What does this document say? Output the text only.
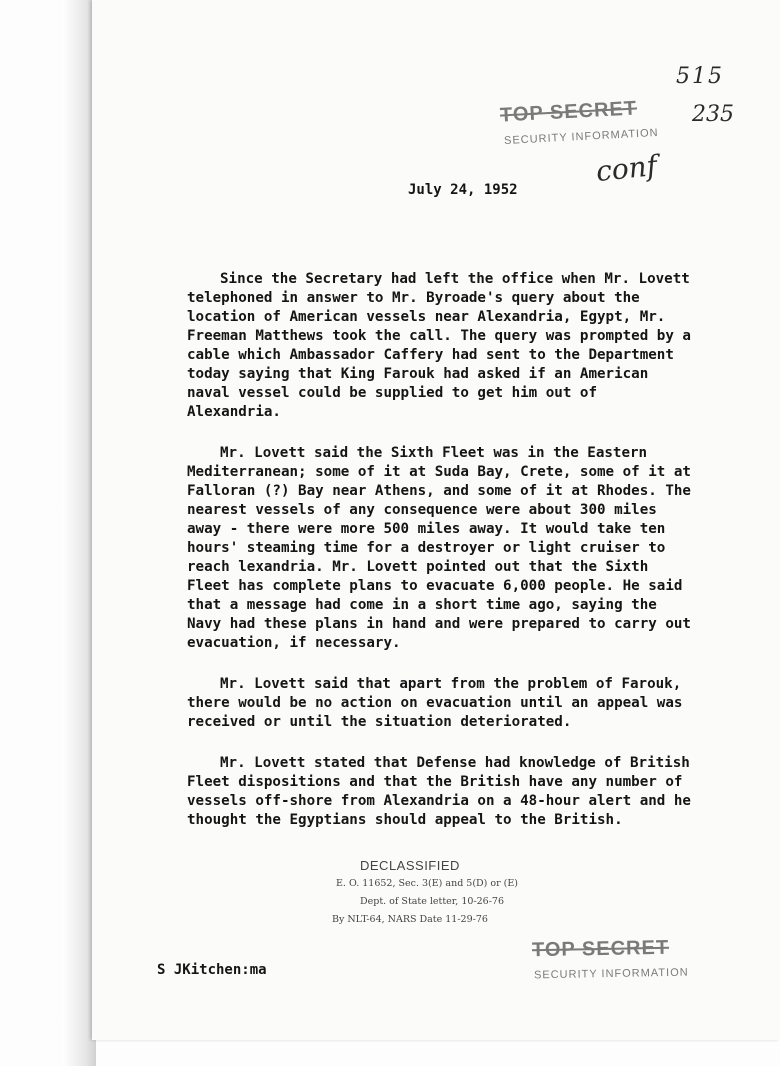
515
235
conf
TOP SECRET
SECURITY INFORMATION
July 24, 1952

Since the Secretary had left the office when Mr. Lovett telephoned in answer to Mr. Byroade's query about the location of American vessels near Alexandria, Egypt, Mr. Freeman Matthews took the call. The query was prompted by a cable which Ambassador Caffery had sent to the Department today saying that King Farouk had asked if an American naval vessel could be supplied to get him out of Alexandria.

Mr. Lovett said the Sixth Fleet was in the Eastern Mediterranean; some of it at Suda Bay, Crete, some of it at Falloran (?) Bay near Athens, and some of it at Rhodes. The nearest vessels of any consequence were about 300 miles away - there were more 500 miles away. It would take ten hours' steaming time for a destroyer or light cruiser to reach lexandria. Mr. Lovett pointed out that the Sixth Fleet has complete plans to evacuate 6,000 people. He said that a message had come in a short time ago, saying the Navy had these plans in hand and were prepared to carry out evacuation, if necessary.

Mr. Lovett said that apart from the problem of Farouk, there would be no action on evacuation until an appeal was received or until the situation deteriorated.

Mr. Lovett stated that Defense had knowledge of British Fleet dispositions and that the British have any number of vessels off-shore from Alexandria on a 48-hour alert and he thought the Egyptians should appeal to the British.

DECLASSIFIED
E. O. 11652, Sec. 3(E) and 5(D) or (E)
Dept. of State letter, 10-26-76
By NLT-64, NARS Date 11-29-76
S JKitchen:ma
TOP SECRET
SECURITY INFORMATION
